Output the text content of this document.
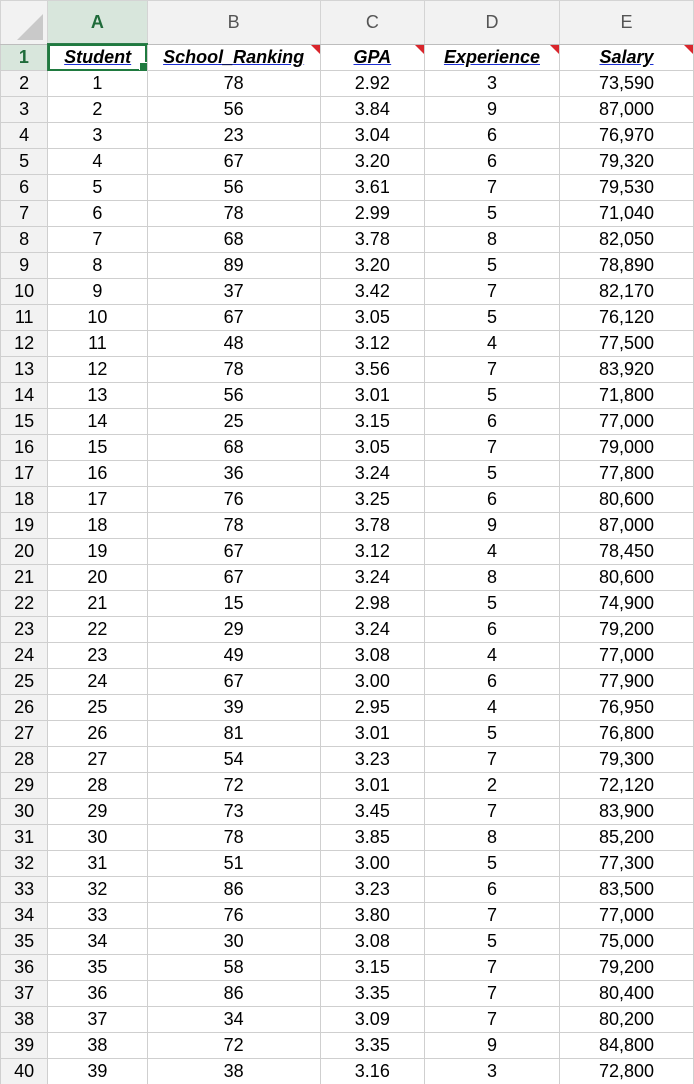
	A	B	C	D	E
1	Student	School_Ranking	GPA	Experience	Salary

2	1	78	2.92	3	73,590
3	2	56	3.84	9	87,000
4	3	23	3.04	6	76,970
5	4	67	3.20	6	79,320
6	5	56	3.61	7	79,530
7	6	78	2.99	5	71,040
8	7	68	3.78	8	82,050
9	8	89	3.20	5	78,890
10	9	37	3.42	7	82,170
11	10	67	3.05	5	76,120
12	11	48	3.12	4	77,500
13	12	78	3.56	7	83,920
14	13	56	3.01	5	71,800
15	14	25	3.15	6	77,000
16	15	68	3.05	7	79,000
17	16	36	3.24	5	77,800
18	17	76	3.25	6	80,600
19	18	78	3.78	9	87,000
20	19	67	3.12	4	78,450
21	20	67	3.24	8	80,600
22	21	15	2.98	5	74,900
23	22	29	3.24	6	79,200
24	23	49	3.08	4	77,000
25	24	67	3.00	6	77,900
26	25	39	2.95	4	76,950
27	26	81	3.01	5	76,800
28	27	54	3.23	7	79,300
29	28	72	3.01	2	72,120
30	29	73	3.45	7	83,900
31	30	78	3.85	8	85,200
32	31	51	3.00	5	77,300
33	32	86	3.23	6	83,500
34	33	76	3.80	7	77,000
35	34	30	3.08	5	75,000
36	35	58	3.15	7	79,200
37	36	86	3.35	7	80,400
38	37	34	3.09	7	80,200
39	38	72	3.35	9	84,800
40	39	38	3.16	3	72,800
